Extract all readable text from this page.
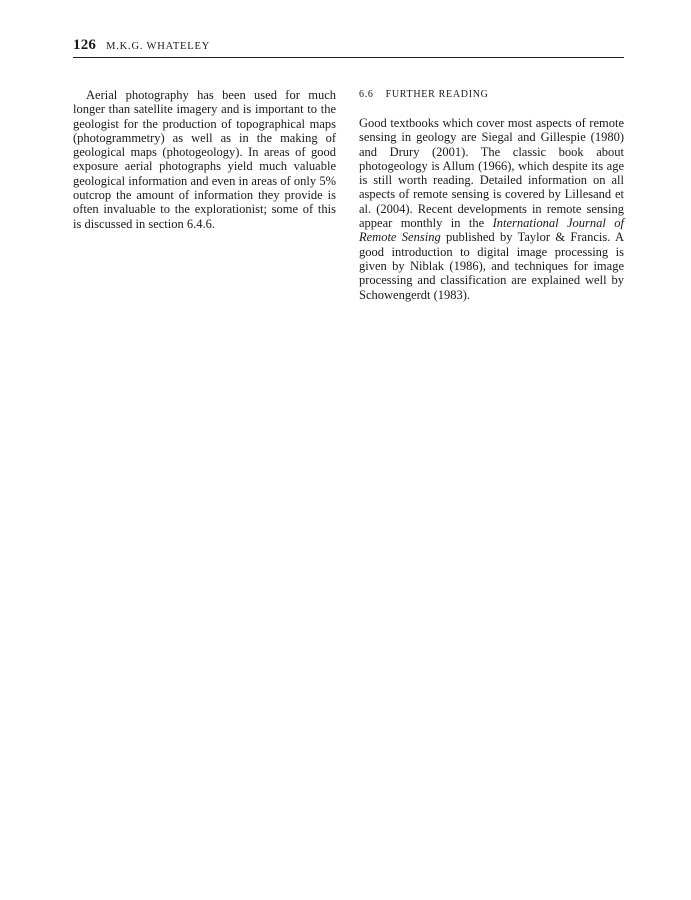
126 M.K.G. WHATELEY

Aerial photography has been used for much longer than satellite imagery and is important to the geologist for the production of topographical maps (photogrammetry) as well as in the making of geological maps (photogeology). In areas of good exposure aerial photographs yield much valuable geological information and even in areas of only 5% outcrop the amount of information they provide is often invaluable to the explorationist; some of this is discussed in section 6.4.6.

6.6 FURTHER READING

Good textbooks which cover most aspects of remote sensing in geology are Siegal and Gillespie (1980) and Drury (2001). The classic book about photogeology is Allum (1966), which despite its age is still worth reading. Detailed information on all aspects of remote sensing is covered by Lillesand et al. (2004). Recent developments in remote sensing appear monthly in the International Journal of Remote Sensing published by Taylor & Francis. A good introduction to digital image processing is given by Niblak (1986), and techniques for image processing and classification are explained well by Schowengerdt (1983).
